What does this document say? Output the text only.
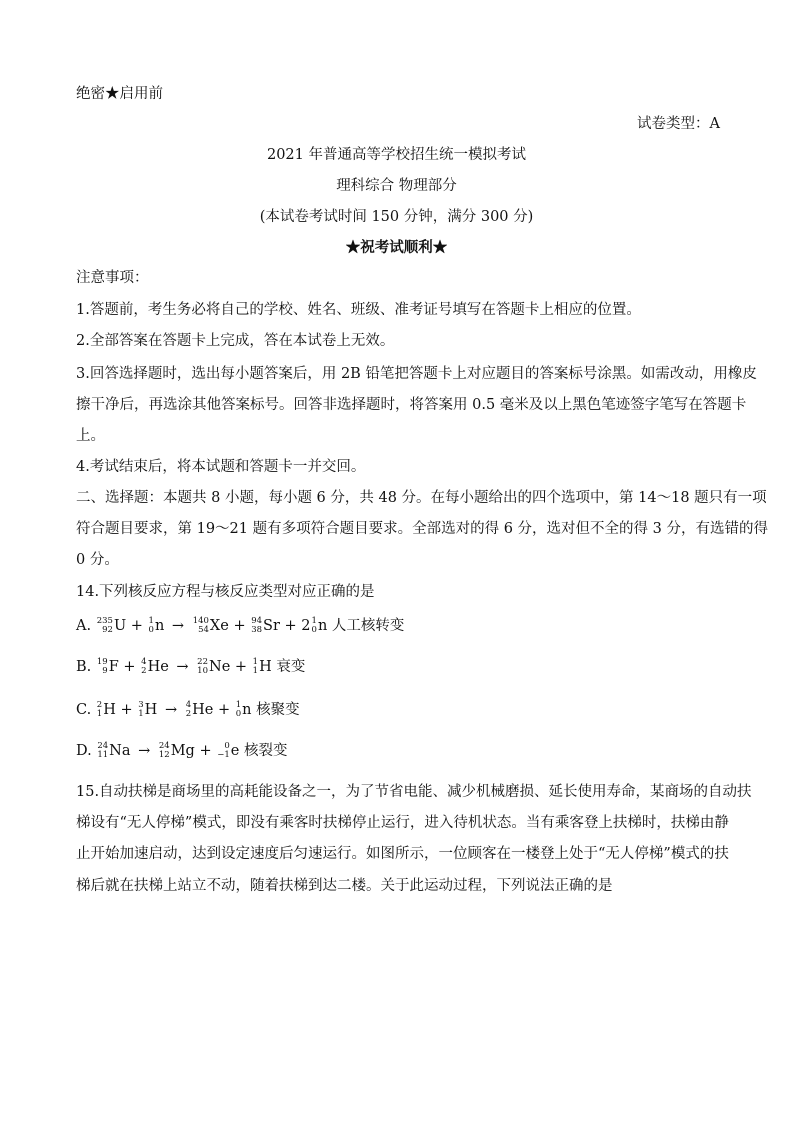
绝密★启用前
试卷类型：A
2021 年普通高等学校招生统一模拟考试
理科综合 物理部分
(本试卷考试时间 150 分钟，满分 300 分)
★祝考试顺利★
注意事项：
1.答题前，考生务必将自己的学校、姓名、班级、准考证号填写在答题卡上相应的位置。
2.全部答案在答题卡上完成，答在本试卷上无效。
3.回答选择题时，选出每小题答案后，用 2B 铅笔把答题卡上对应题目的答案标号涂黑。如需改动，用橡皮
擦干净后，再选涂其他答案标号。回答非选择题时，将答案用 0.5 毫米及以上黑色笔迹签字笔写在答题卡
上。
4.考试结束后，将本试题和答题卡一并交回。
二、选择题：本题共 8 小题，每小题 6 分，共 48 分。在每小题给出的四个选项中，第 14～18 题只有一项
符合题目要求，第 19～21 题有多项符合题目要求。全部选对的得 6 分，选对但不全的得 3 分，有选错的得
0 分。
14.下列核反应方程与核反应类型对应正确的是
A. 235
92 U + 1
0 n → 140
54 Xe + 94
38 Sr + 2 1
0 n 人工核转变
B. 19
9 F + 4
2 He → 22
10 Ne + 1
1 H 衰变
C. 2
1 H + 3
1 H → 4
2 He + 1
0 n 核聚变
D. 24
11 Na → 24
12 Mg + 0
−1 e 核裂变
15.自动扶梯是商场里的高耗能设备之一，为了节省电能、减少机械磨损、延长使用寿命，某商场的自动扶
梯设有“无人停梯”模式，即没有乘客时扶梯停止运行，进入待机状态。当有乘客登上扶梯时，扶梯由静
止开始加速启动，达到设定速度后匀速运行。如图所示，一位顾客在一楼登上处于“无人停梯”模式的扶
梯后就在扶梯上站立不动，随着扶梯到达二楼。关于此运动过程，下列说法正确的是
